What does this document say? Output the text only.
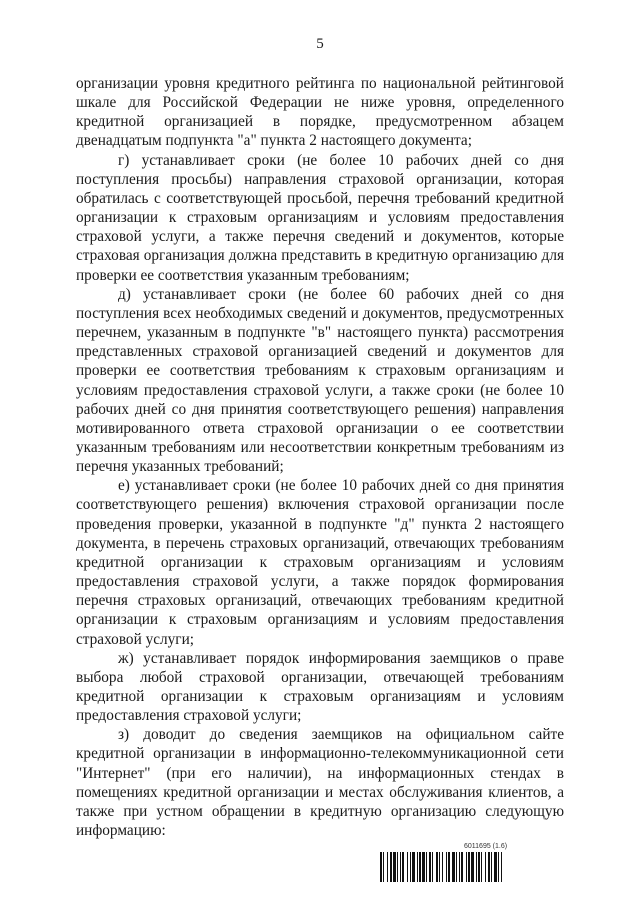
5

организации уровня кредитного рейтинга по национальной рейтинговой шкале для Российской Федерации не ниже уровня, определенного кредитной организацией в порядке, предусмотренном абзацем двенадцатым подпункта "а" пункта 2 настоящего документа;

г) устанавливает сроки (не более 10 рабочих дней со дня поступления просьбы) направления страховой организации, которая обратилась с соответствующей просьбой, перечня требований кредитной организации к страховым организациям и условиям предоставления страховой услуги, а также перечня сведений и документов, которые страховая организация должна представить в кредитную организацию для проверки ее соответствия указанным требованиям;

д) устанавливает сроки (не более 60 рабочих дней со дня поступления всех необходимых сведений и документов, предусмотренных перечнем, указанным в подпункте "в" настоящего пункта) рассмотрения представленных страховой организацией сведений и документов для проверки ее соответствия требованиям к страховым организациям и условиям предоставления страховой услуги, а также сроки (не более 10 рабочих дней со дня принятия соответствующего решения) направления мотивированного ответа страховой организации о ее соответствии указанным требованиям или несоответствии конкретным требованиям из перечня указанных требований;

е) устанавливает сроки (не более 10 рабочих дней со дня принятия соответствующего решения) включения страховой организации после проведения проверки, указанной в подпункте "д" пункта 2 настоящего документа, в перечень страховых организаций, отвечающих требованиям кредитной организации к страховым организациям и условиям предоставления страховой услуги, а также порядок формирования перечня страховых организаций, отвечающих требованиям кредитной организации к страховым организациям и условиям предоставления страховой услуги;

ж) устанавливает порядок информирования заемщиков о праве выбора любой страховой организации, отвечающей требованиям кредитной организации к страховым организациям и условиям предоставления страховой услуги;

з) доводит до сведения заемщиков на официальном сайте кредитной организации в информационно-телекоммуникационной сети "Интернет" (при его наличии), на информационных стендах в помещениях кредитной организации и местах обслуживания клиентов, а также при устном обращении в кредитную организацию следующую информацию:

6011695 (1.6)
